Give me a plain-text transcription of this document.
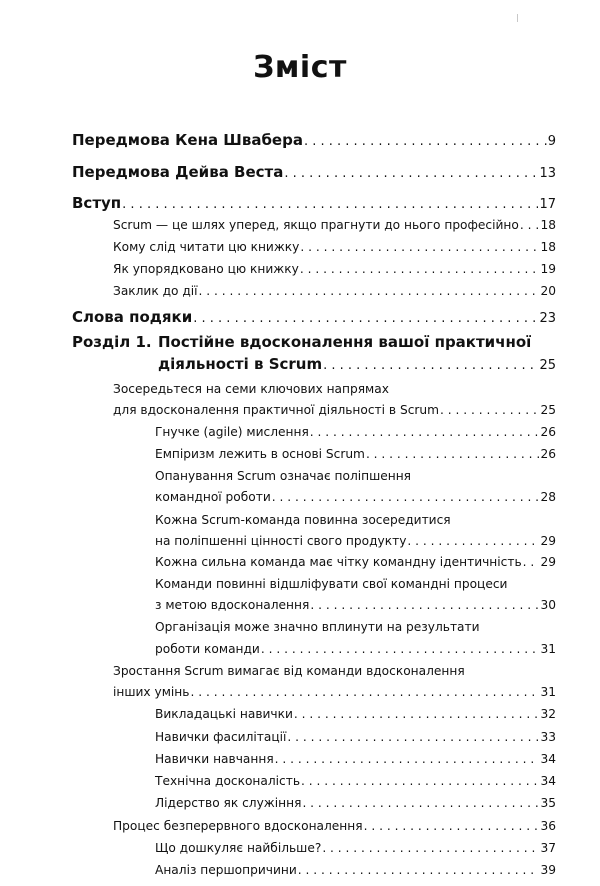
Зміст
Передмова Кена Швабера . . .	9
Передмова Дейва Веста . . .	13
Вступ . . .	17
Scrum — це шлях уперед, якщо прагнути до нього професійно . . . 18
Кому слід читати цю книжку . . .	18
Як упорядковано цю книжку . . .	19
Заклик до дії . . .	20
Слова подяки . . .	23
Розділ 1. Постійне вдосконалення вашої практичної
діяльності в Scrum . . .	25
Зосередьтеся на семи ключових напрямах
для вдосконалення практичної діяльності в Scrum . . .	25
Гнучке (agile) мислення . . .	26
Емпіризм лежить в основі Scrum . . .	26
Опанування Scrum означає поліпшення
командної роботи . . .	28
Кожна Scrum-команда повинна зосередитися
на поліпшенні цінності свого продукту . . .	29
Кожна сильна команда має чітку командну ідентичність . . . 29
Команди повинні відшліфувати свої командні процеси
з метою вдосконалення . . .	30
Організація може значно вплинути на результати
роботи команди . . .	31
Зростання Scrum вимагає від команди вдосконалення
інших умінь . . .	31
Викладацькі навички . . .	32
Навички фасилітації . . .	33
Навички навчання . . .	34
Технічна досконалість . . .	34
Лідерство як служіння . . .	35
Процес безперервного вдосконалення . . .	36
Що дошкуляє найбільше? . . .	37
Аналіз першопричини . . .	39
